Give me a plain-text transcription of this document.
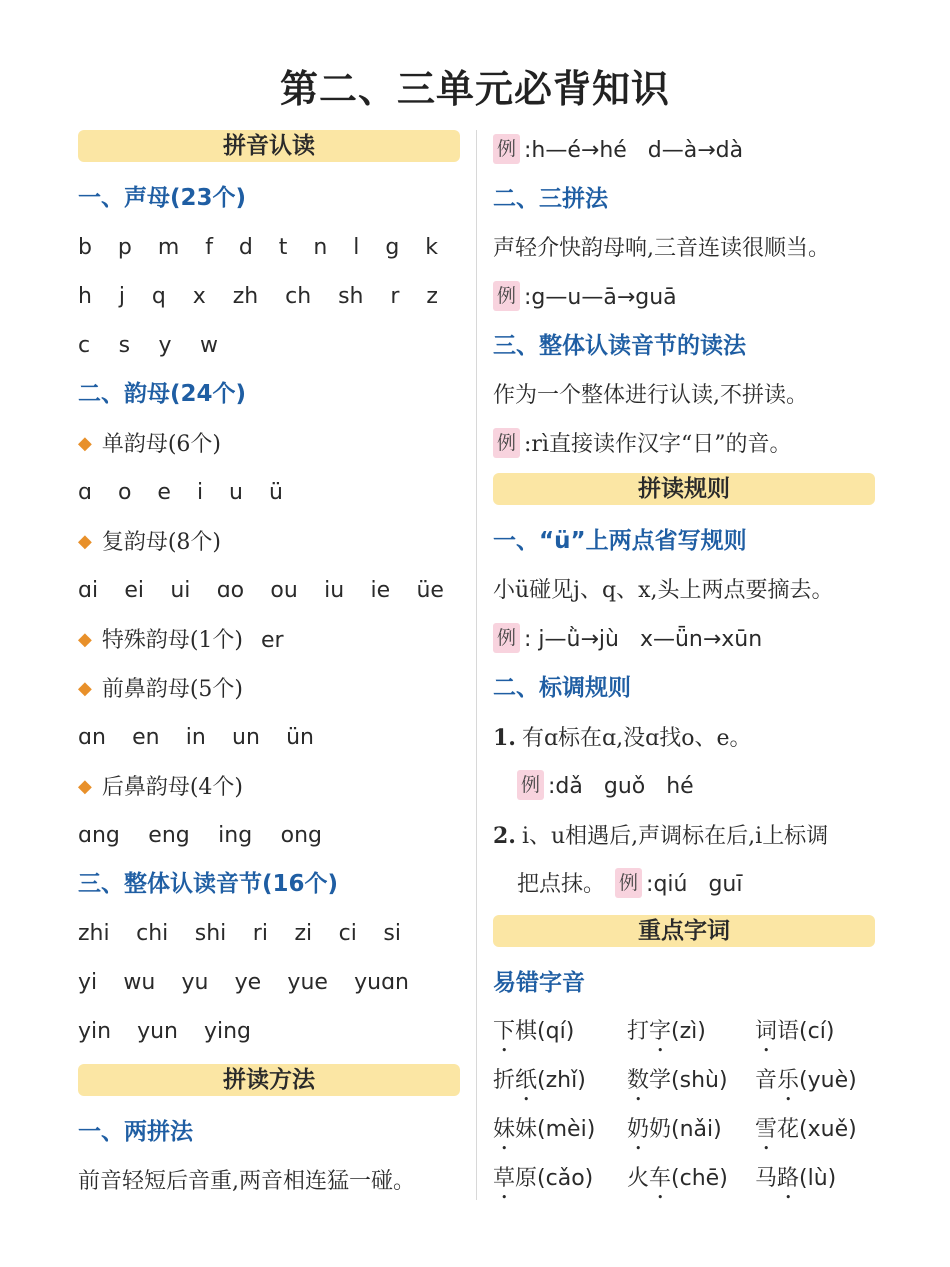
第二、三单元必背知识
拼音认读
一、声母(23个)
b p m f d t n l g k
h j q x zh ch sh r z
c s y w
二、韵母(24个)
◆ 单韵母(6个)
ɑ o e i u ü
◆ 复韵母(8个)
ɑi ei ui ɑo ou iu ie üe
◆ 特殊韵母(1个) er
◆ 前鼻韵母(5个)
ɑn en in un ün
◆ 后鼻韵母(4个)
ɑng eng ing ong
三、整体认读音节(16个)
zhi chi shi ri zi ci si
yi wu yu ye yue yuɑn
yin yun ying
拼读方法
一、两拼法
前音轻短后音重,两音相连猛一碰。
例 :h—é→hé   d—à→dà
二、三拼法
声轻介快韵母响,三音连读很顺当。
例 :g—u—ā→guā
三、整体认读音节的读法
作为一个整体进行认读,不拼读。
例 :rì直接读作汉字“日”的音。
拼读规则
一、“ü”上两点省写规则
小ü碰见j、q、x,头上两点要摘去。
例 : j—ǜ→jù   x—ǖn→xūn
二、标调规则
1. 有ɑ标在ɑ,没ɑ找o、e。
例 :dǎ   guǒ   hé
2. i、u相遇后,声调标在后,i上标调
把点抹。 例 :qiú   guī
重点字词
易错字音
下棋(qí)	打字(zì)	词语(cí)
折纸(zhǐ)	数学(shù)	音乐(yuè)
妹妹(mèi)	奶奶(nǎi)	雪花(xuě)
草原(cǎo)	火车(chē)	马路(lù)
